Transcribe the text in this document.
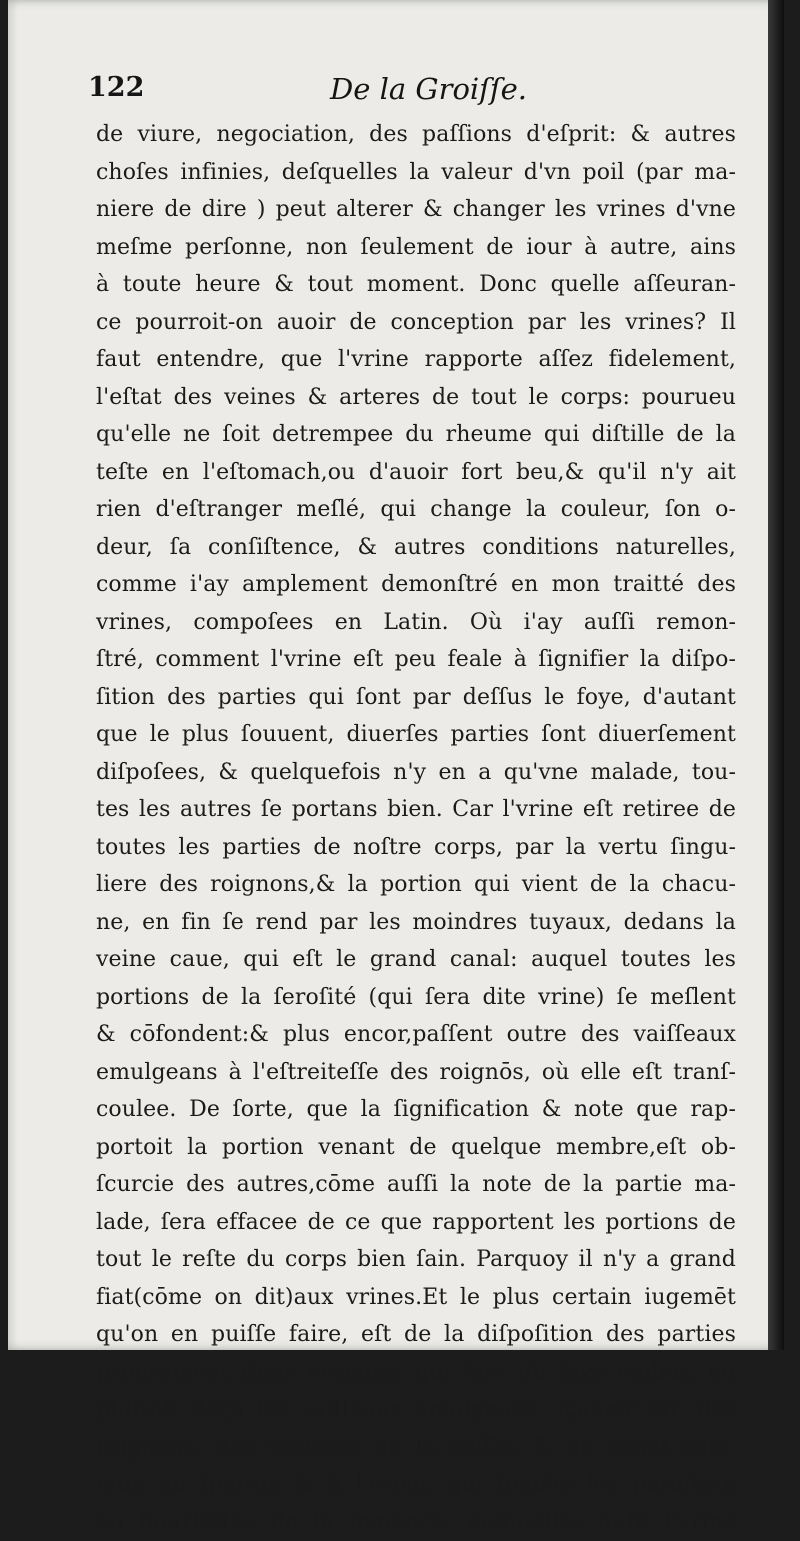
122	De la Groiſſe.
de viure, negociation, des paſſions d'eſprit: & autres
choſes infinies, deſquelles la valeur d'vn poil (par ma-
niere de dire ) peut alterer & changer les vrines d'vne
meſme perſonne, non ſeulement de iour à autre, ains
à toute heure & tout moment. Donc quelle aſſeuran-
ce pourroit-on auoir de conception par les vrines? Il
faut entendre, que l'vrine rapporte aſſez fidelement,
l'eſtat des veines & arteres de tout le corps: pourueu
qu'elle ne ſoit detrempee du rheume qui diſtille de la
teſte en l'eſtomach,ou d'auoir fort beu,& qu'il n'y ait
rien d'eſtranger meſlé, qui change la couleur, ſon o-
deur, ſa conſiſtence, & autres conditions naturelles,
comme i'ay amplement demonſtré en mon traitté des
vrines, compoſees en Latin. Où i'ay auſſi remon-
ſtré, comment l'vrine eſt peu feale à ſignifier la diſpo-
ſition des parties qui ſont par deſſus le foye, d'autant
que le plus ſouuent, diuerſes parties ſont diuerſement
diſpoſees, & quelquefois n'y en a qu'vne malade, tou-
tes les autres ſe portans bien. Car l'vrine eſt retiree de
toutes les parties de noſtre corps, par la vertu ſingu-
liere des roignons,& la portion qui vient de la chacu-
ne, en fin ſe rend par les moindres tuyaux, dedans la
veine caue, qui eſt le grand canal: auquel toutes les
portions de la ſeroſité (qui ſera dite vrine) ſe meſlent
& cōfondent:& plus encor,paſſent outre des vaiſſeaux
emulgeans à l'eſtreiteſſe des roignōs, où elle eſt tranſ-
coulee. De ſorte, que la ſignification & note que rap-
portoit la portion venant de quelque membre,eſt ob-
ſcurcie des autres,cōme auſſi la note de la partie ma-
lade, ſera effacee de ce que rapportent les portions de
tout le reſte du corps bien ſain. Parquoy il n'y a grand
fiat(cōme on dit)aux vrines.Et le plus certain iugemēt
qu'on en puiſſe faire, eſt de la diſpoſition des parties
proprement dites vrinales, qui ſont du foye embas, ou
pluſtoſt deçà les vaiſſeaux emulgeans: ſçauoir eſt, des
roignons, des vreteres de la veſſie, & du canal com-
mun au ſperme & à l'vrine, qui touche les paraſtete
ou bourſettes de la ſemence, deſquelles auſſi l'vrine
